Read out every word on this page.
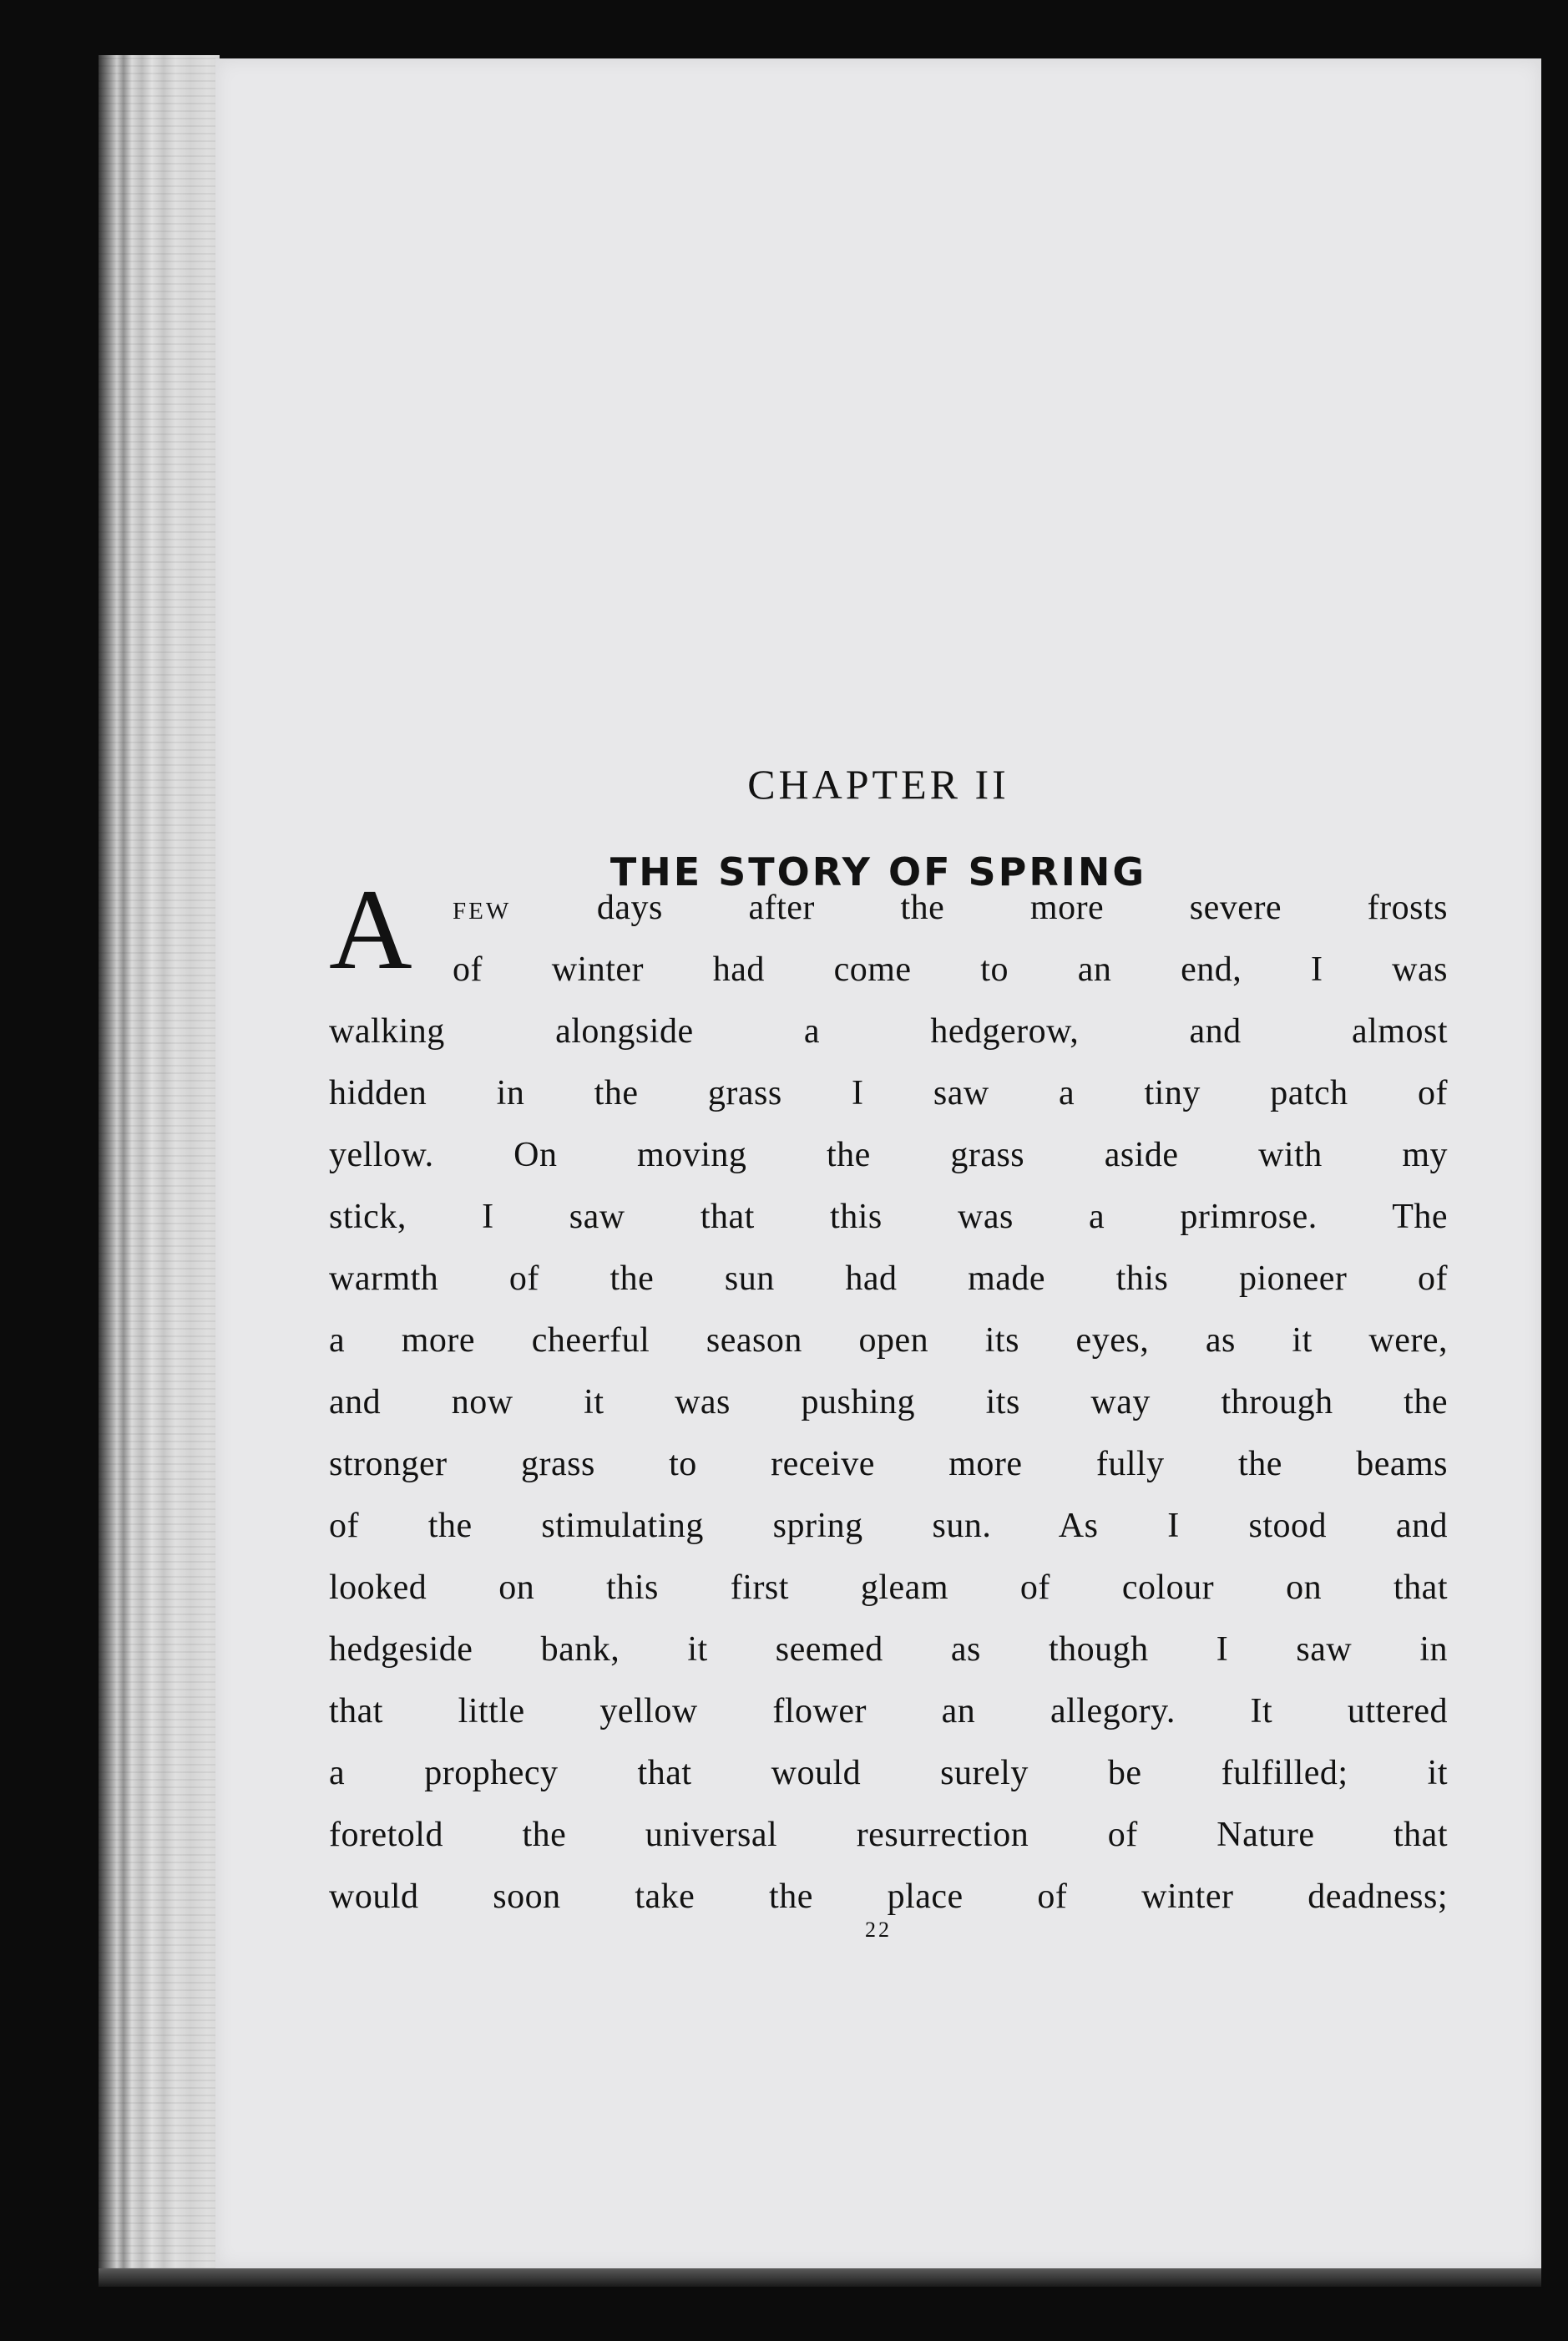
CHAPTER II
THE STORY OF SPRING
A few days after the more severe frosts
of winter had come to an end, I was
walking alongside a hedgerow, and almost
hidden in the grass I saw a tiny patch of
yellow. On moving the grass aside with my
stick, I saw that this was a primrose. The
warmth of the sun had made this pioneer of
a more cheerful season open its eyes, as it were,
and now it was pushing its way through the
stronger grass to receive more fully the beams
of the stimulating spring sun. As I stood and
looked on this first gleam of colour on that
hedgeside bank, it seemed as though I saw in
that little yellow flower an allegory. It uttered
a prophecy that would surely be fulfilled; it
foretold the universal resurrection of Nature that
would soon take the place of winter deadness;
22
